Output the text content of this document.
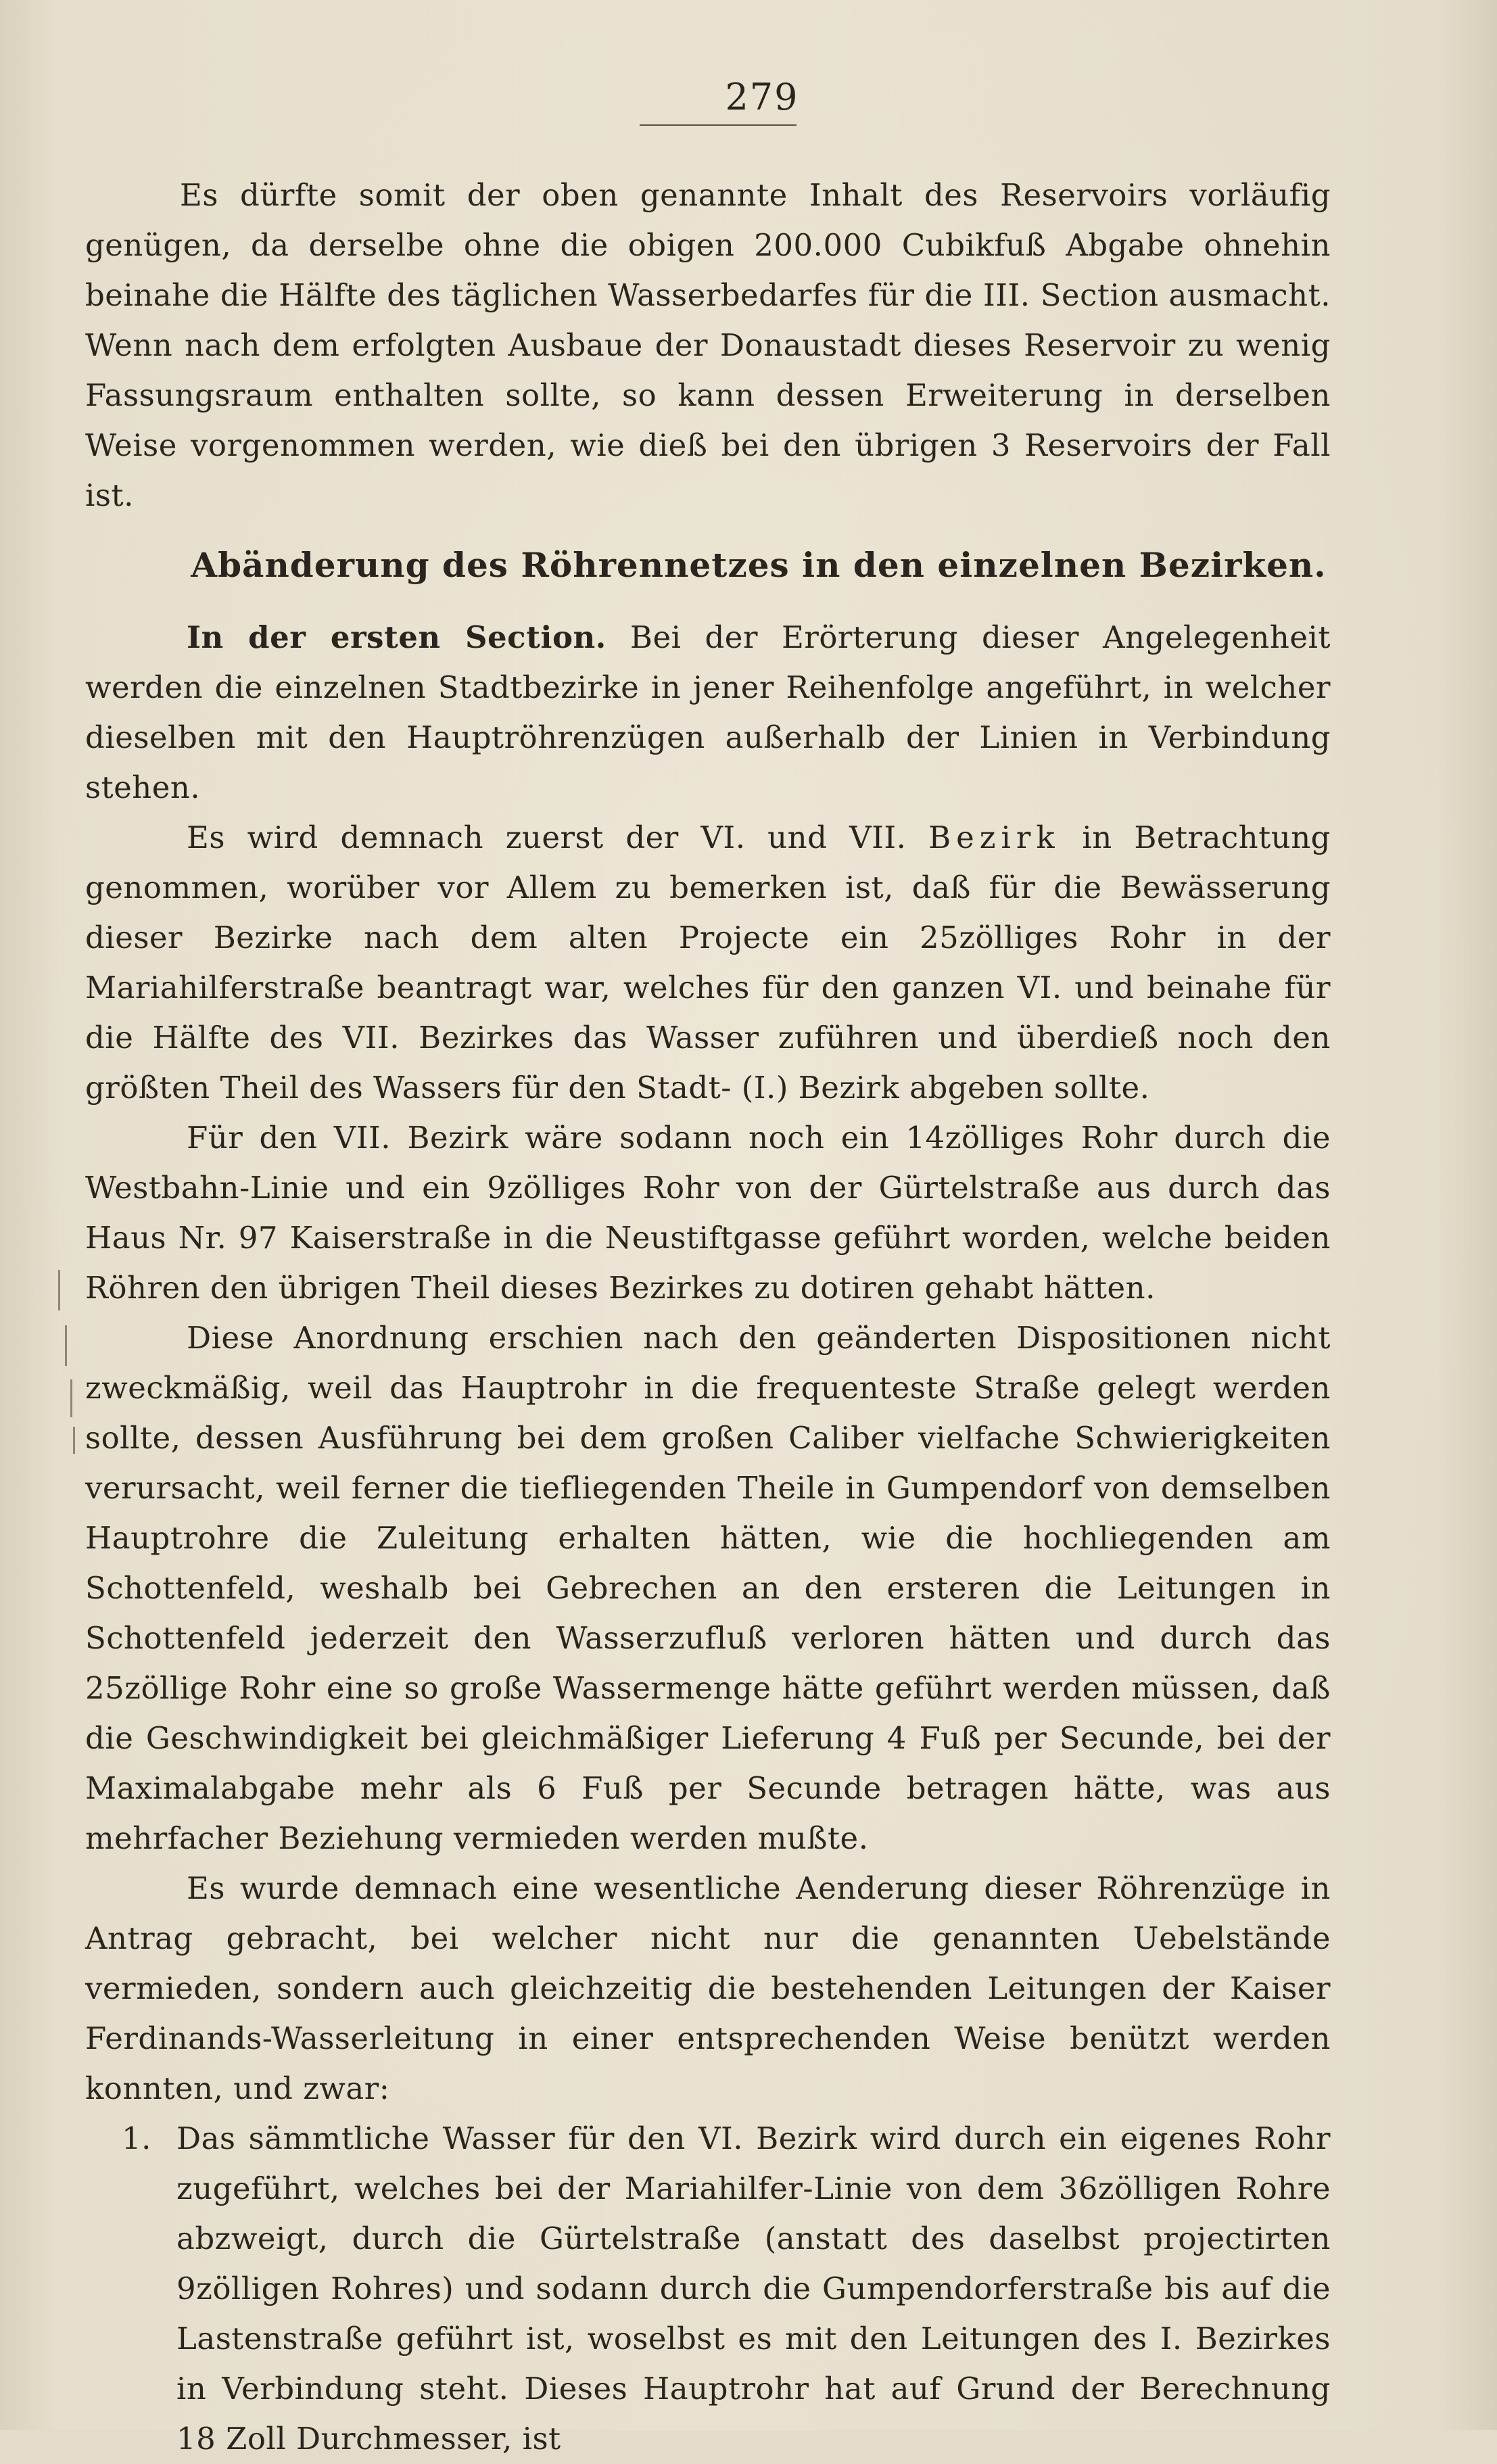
279

Es dürfte somit der oben genannte Inhalt des Reservoirs vorläufig genügen, da derselbe ohne die obigen 200.000 Cubikfuß Abgabe ohnehin beinahe die Hälfte des täglichen Wasserbedarfes für die III. Section ausmacht. Wenn nach dem erfolgten Ausbaue der Donaustadt dieses Reservoir zu wenig Fassungsraum enthalten sollte, so kann dessen Erweiterung in derselben Weise vorgenommen werden, wie dieß bei den übrigen 3 Reservoirs der Fall ist.

Abänderung des Röhrennetzes in den einzelnen Bezirken.

In der ersten Section. Bei der Erörterung dieser Angelegenheit werden die einzelnen Stadtbezirke in jener Reihenfolge angeführt, in welcher dieselben mit den Hauptröhrenzügen außerhalb der Linien in Verbindung stehen.

Es wird demnach zuerst der VI. und VII. Bezirk in Betrachtung genommen, worüber vor Allem zu bemerken ist, daß für die Bewässerung dieser Bezirke nach dem alten Projecte ein 25zölliges Rohr in der Mariahilferstraße beantragt war, welches für den ganzen VI. und beinahe für die Hälfte des VII. Bezirkes das Wasser zuführen und überdieß noch den größten Theil des Wassers für den Stadt- (I.) Bezirk abgeben sollte.

Für den VII. Bezirk wäre sodann noch ein 14zölliges Rohr durch die Westbahn-Linie und ein 9zölliges Rohr von der Gürtelstraße aus durch das Haus Nr. 97 Kaiserstraße in die Neustiftgasse geführt worden, welche beiden Röhren den übrigen Theil dieses Bezirkes zu dotiren gehabt hätten.

Diese Anordnung erschien nach den geänderten Dispositionen nicht zweckmäßig, weil das Hauptrohr in die frequenteste Straße gelegt werden sollte, dessen Ausführung bei dem großen Caliber vielfache Schwierigkeiten verursacht, weil ferner die tiefliegenden Theile in Gumpendorf von demselben Hauptrohre die Zuleitung erhalten hätten, wie die hochliegenden am Schottenfeld, weshalb bei Gebrechen an den ersteren die Leitungen in Schottenfeld jederzeit den Wasserzufluß verloren hätten und durch das 25zöllige Rohr eine so große Wassermenge hätte geführt werden müssen, daß die Geschwindigkeit bei gleichmäßiger Lieferung 4 Fuß per Secunde, bei der Maximalabgabe mehr als 6 Fuß per Secunde betragen hätte, was aus mehrfacher Beziehung vermieden werden mußte.

Es wurde demnach eine wesentliche Aenderung dieser Röhrenzüge in Antrag gebracht, bei welcher nicht nur die genannten Uebelstände vermieden, sondern auch gleichzeitig die bestehenden Leitungen der Kaiser Ferdinands-Wasserleitung in einer entsprechenden Weise benützt werden konnten, und zwar:

1. Das sämmtliche Wasser für den VI. Bezirk wird durch ein eigenes Rohr zugeführt, welches bei der Mariahilfer-Linie von dem 36zölligen Rohre abzweigt, durch die Gürtelstraße (anstatt des daselbst projectirten 9zölligen Rohres) und sodann durch die Gumpendorferstraße bis auf die Lastenstraße geführt ist, woselbst es mit den Leitungen des I. Bezirkes in Verbindung steht. Dieses Hauptrohr hat auf Grund der Berechnung 18 Zoll Durchmesser, ist
